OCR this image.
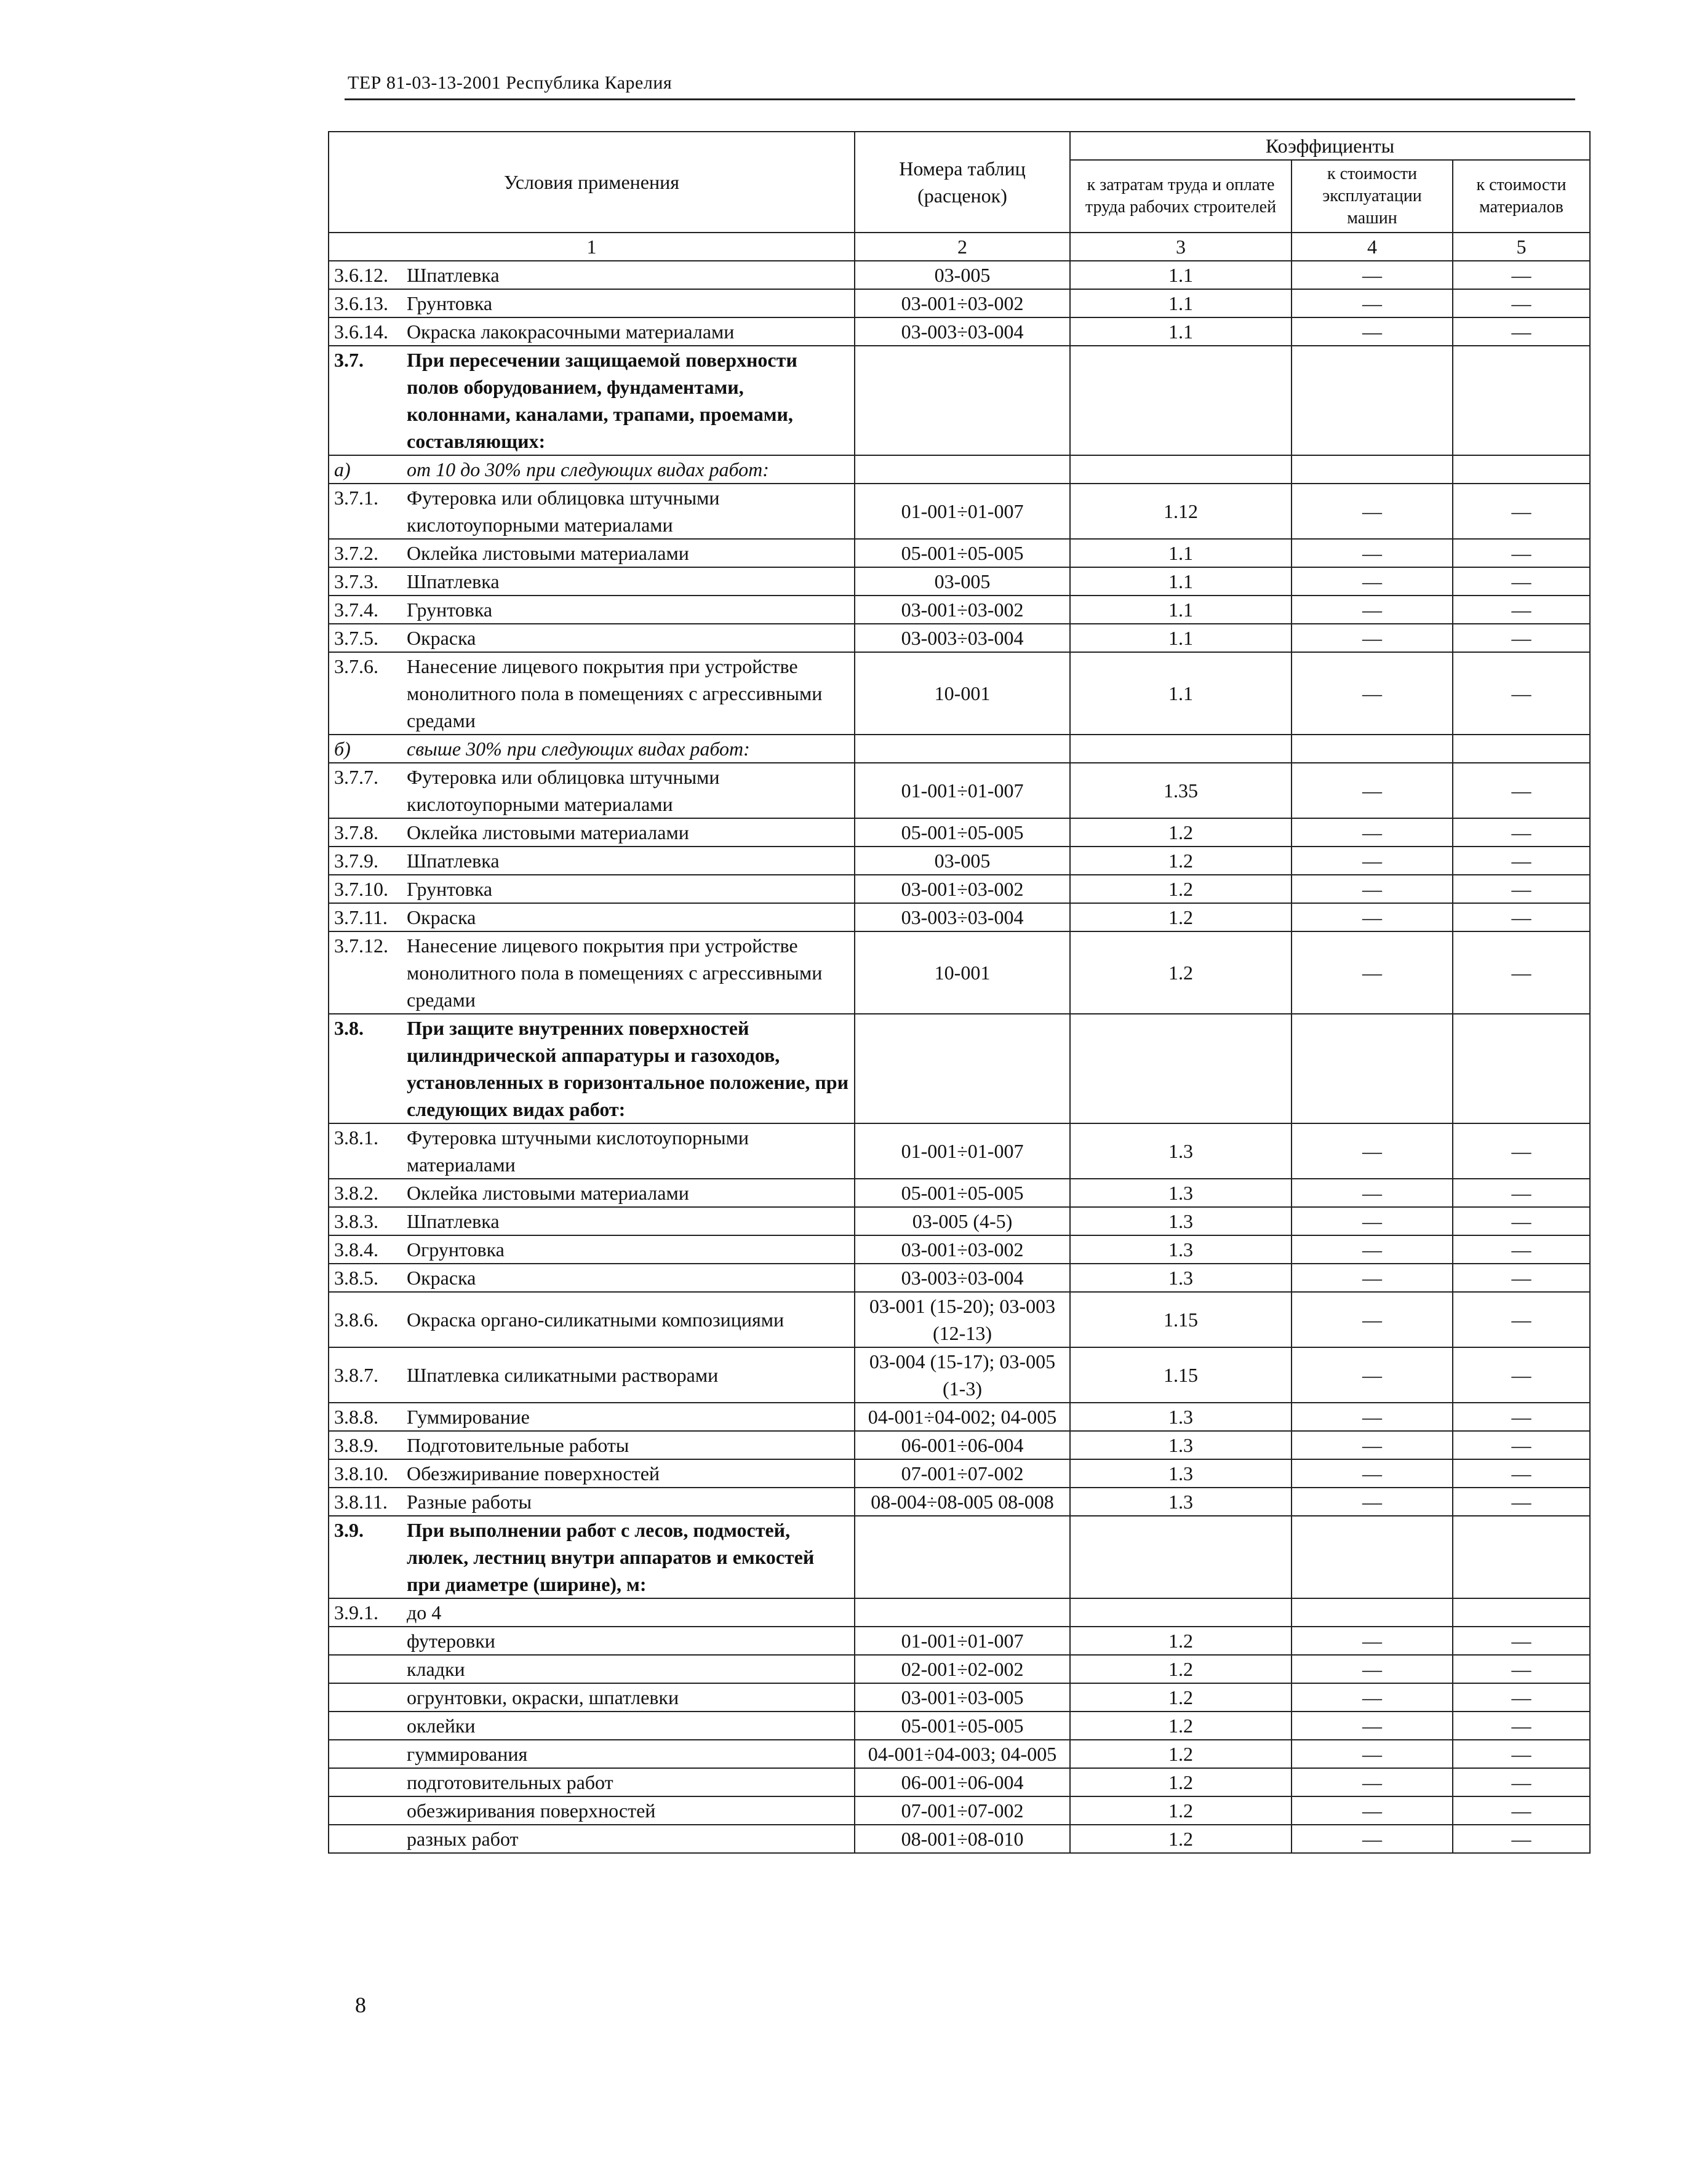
ТЕР 81-03-13-2001 Республика Карелия
Условия применения	Номера таблиц (расценок)	Коэффициенты		
		к затратам труда и оплате труда рабочих строителей	к стоимости эксплуатации машин	к стоимости материалов
1	2	3	4	5

3.6.12. Шпатлевка	03-005	1.1	—	—

3.6.13. Грунтовка	03-001÷03-002	1.1	—	—

3.6.14. Окраска лакокрасочными материалами	03-003÷03-004	1.1	—	—

3.7. При пересечении защищаемой поверхности полов оборудованием, фундаментами, колоннами, каналами, трапами, проемами, составляющих:				

а) от 10 до 30% при следующих видах работ:				

3.7.1. Футеровка или облицовка штучными кислотоупорными материалами	01-001÷01-007	1.12	—	—

3.7.2. Оклейка листовыми материалами	05-001÷05-005	1.1	—	—

3.7.3. Шпатлевка	03-005	1.1	—	—

3.7.4. Грунтовка	03-001÷03-002	1.1	—	—

3.7.5. Окраска	03-003÷03-004	1.1	—	—

3.7.6. Нанесение лицевого покрытия при устройстве монолитного пола в помещениях с агрессивными средами	10-001	1.1	—	—

б) свыше 30% при следующих видах работ:				

3.7.7. Футеровка или облицовка штучными кислотоупорными материалами	01-001÷01-007	1.35	—	—

3.7.8. Оклейка листовыми материалами	05-001÷05-005	1.2	—	—

3.7.9. Шпатлевка	03-005	1.2	—	—

3.7.10. Грунтовка	03-001÷03-002	1.2	—	—

3.7.11. Окраска	03-003÷03-004	1.2	—	—

3.7.12. Нанесение лицевого покрытия при устройстве монолитного пола в помещениях с агрессивными средами	10-001	1.2	—	—

3.8. При защите внутренних поверхностей цилиндрической аппаратуры и газоходов, установленных в горизонтальное положение, при следующих видах работ:				

3.8.1. Футеровка штучными кислотоупорными материалами	01-001÷01-007	1.3	—	—

3.8.2. Оклейка листовыми материалами	05-001÷05-005	1.3	—	—

3.8.3. Шпатлевка	03-005 (4-5)	1.3	—	—

3.8.4. Огрунтовка	03-001÷03-002	1.3	—	—

3.8.5. Окраска	03-003÷03-004	1.3	—	—

3.8.6. Окраска органо-силикатными композициями	03-001 (15-20); 03-003 (12-13)	1.15	—	—

3.8.7. Шпатлевка силикатными растворами	03-004 (15-17); 03-005 (1-3)	1.15	—	—

3.8.8. Гуммирование	04-001÷04-002; 04-005	1.3	—	—

3.8.9. Подготовительные работы	06-001÷06-004	1.3	—	—

3.8.10. Обезжиривание поверхностей	07-001÷07-002	1.3	—	—

3.8.11. Разные работы	08-004÷08-005 08-008	1.3	—	—

3.9. При выполнении работ с лесов, подмостей, люлек, лестниц внутри аппаратов и емкостей при диаметре (ширине), м:				

3.9.1. до 4				

футеровки	01-001÷01-007	1.2	—	—

кладки	02-001÷02-002	1.2	—	—

огрунтовки, окраски, шпатлевки	03-001÷03-005	1.2	—	—

оклейки	05-001÷05-005	1.2	—	—

гуммирования	04-001÷04-003; 04-005	1.2	—	—

подготовительных работ	06-001÷06-004	1.2	—	—

обезжиривания поверхностей	07-001÷07-002	1.2	—	—

разных работ	08-001÷08-010	1.2	—	—
8
